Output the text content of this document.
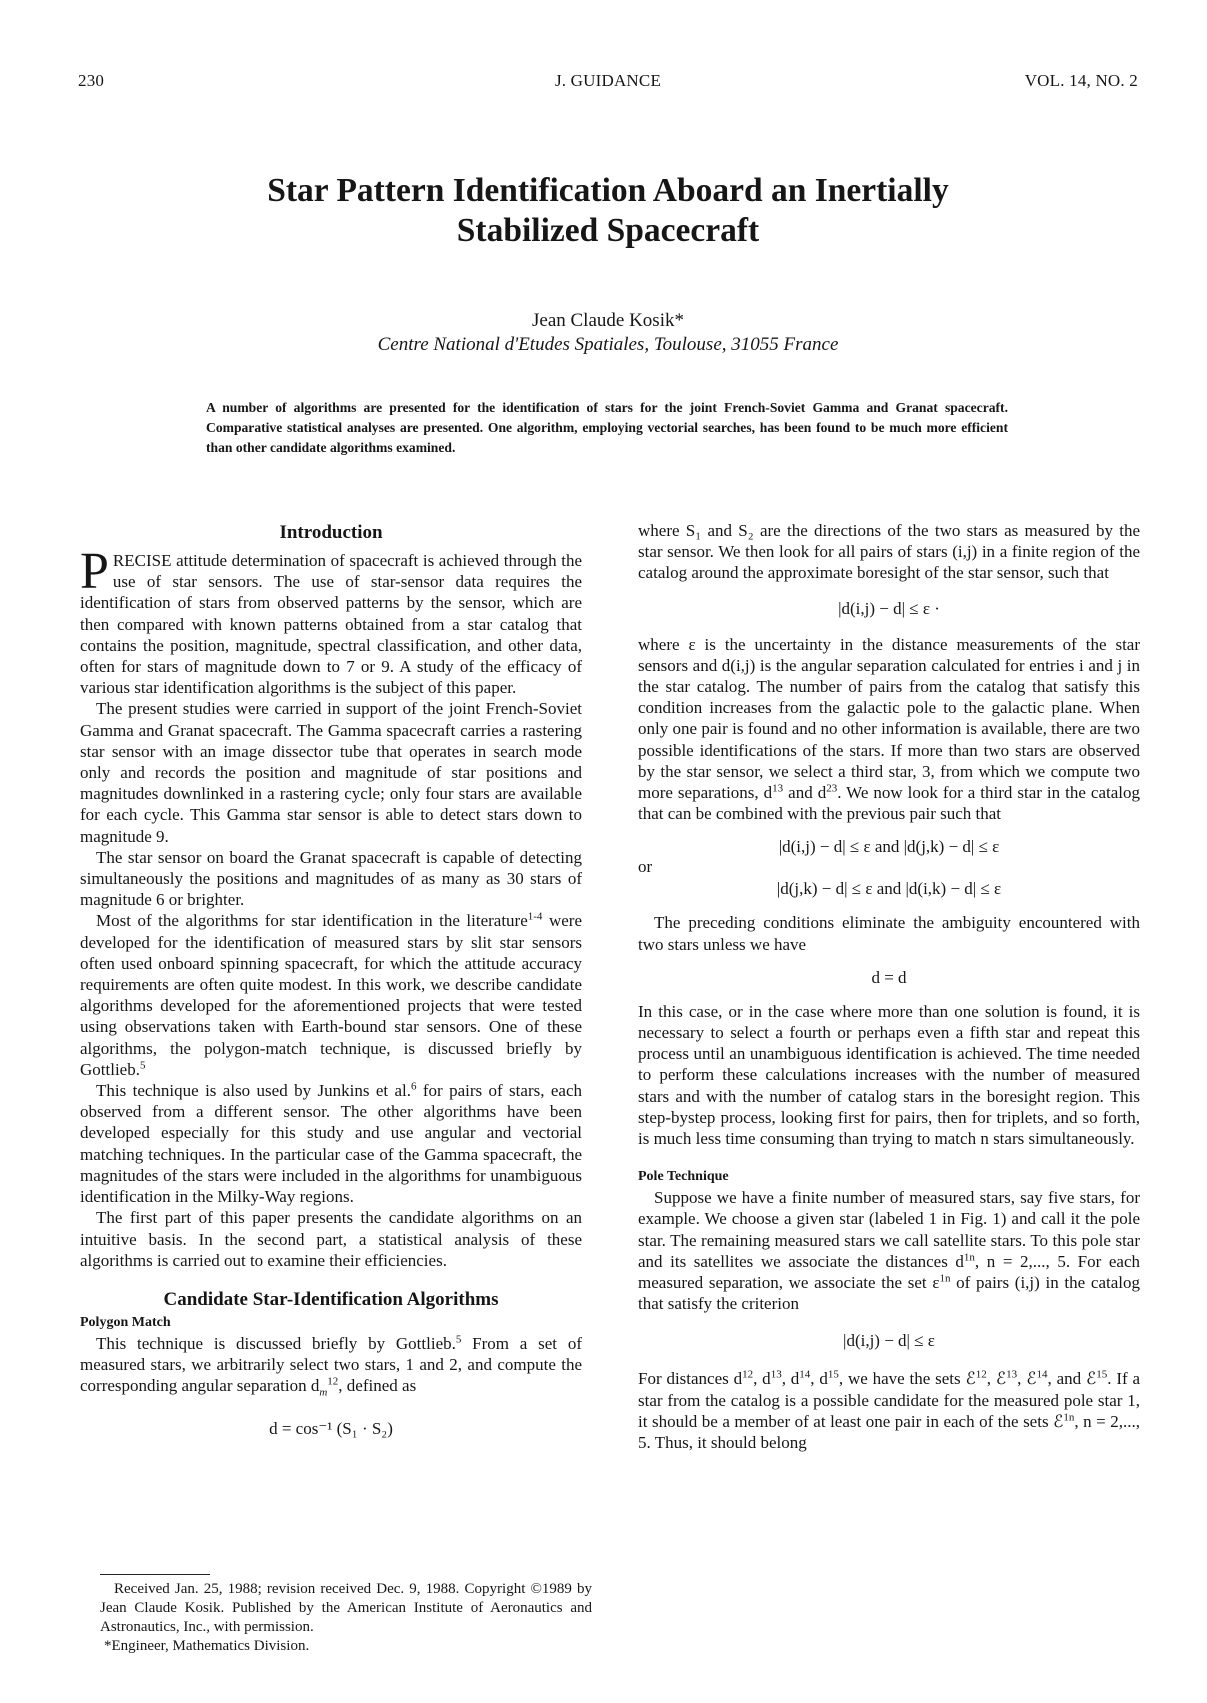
230	J. GUIDANCE	VOL. 14, NO. 2
Star Pattern Identification Aboard an Inertially
Stabilized Spacecraft
Jean Claude Kosik*
Centre National d'Etudes Spatiales, Toulouse, 31055 France
A number of algorithms are presented for the identification of stars for the joint French-Soviet Gamma and Granat spacecraft. Comparative statistical analyses are presented. One algorithm, employing vectorial searches, has been found to be much more efficient than other candidate algorithms examined.
Introduction

PRECISE attitude determination of spacecraft is achieved through the use of star sensors. The use of star-sensor data requires the identification of stars from observed patterns by the sensor, which are then compared with known patterns obtained from a star catalog that contains the position, magnitude, spectral classification, and other data, often for stars of magnitude down to 7 or 9. A study of the efficacy of various star identification algorithms is the subject of this paper.

The present studies were carried in support of the joint French-Soviet Gamma and Granat spacecraft. The Gamma spacecraft carries a rastering star sensor with an image dissector tube that operates in search mode only and records the position and magnitude of star positions and magnitudes downlinked in a rastering cycle; only four stars are available for each cycle. This Gamma star sensor is able to detect stars down to magnitude 9.

The star sensor on board the Granat spacecraft is capable of detecting simultaneously the positions and magnitudes of as many as 30 stars of magnitude 6 or brighter.

Most of the algorithms for star identification in the literature$^{1-4}$ were developed for the identification of measured stars by slit star sensors often used onboard spinning spacecraft, for which the attitude accuracy requirements are often quite modest. In this work, we describe candidate algorithms developed for the aforementioned projects that were tested using observations taken with Earth-bound star sensors. One of these algorithms, the polygon-match technique, is discussed briefly by Gottlieb.$^5$

This technique is also used by Junkins et al.$^6$ for pairs of stars, each observed from a different sensor. The other algorithms have been developed especially for this study and use angular and vectorial matching techniques. In the particular case of the Gamma spacecraft, the magnitudes of the stars were included in the algorithms for unambiguous identification in the Milky-Way regions.

The first part of this paper presents the candidate algorithms on an intuitive basis. In the second part, a statistical analysis of these algorithms is carried out to examine their efficiencies.

Candidate Star-Identification Algorithms
Polygon Match

This technique is discussed briefly by Gottlieb.$^5$ From a set of measured stars, we arbitrarily select two stars, 1 and 2, and compute the corresponding angular separation $d_m^{12}$, defined as

d = cos⁻¹ (S₁ · S₂)

where S₁ and S₂ are the directions of the two stars as measured by the star sensor. We then look for all pairs of stars (i,j) in a finite region of the catalog around the approximate boresight of the star sensor, such that

|d(i,j) − d| ≤ ε ·

where ε is the uncertainty in the distance measurements of the star sensors and d(i,j) is the angular separation calculated for entries i and j in the star catalog. The number of pairs from the catalog that satisfy this condition increases from the galactic pole to the galactic plane. When only one pair is found and no other information is available, there are two possible identifications of the stars. If more than two stars are observed by the star sensor, we select a third star, 3, from which we compute two more separations, $d^{13}$ and $d^{23}$. We now look for a third star in the catalog that can be combined with the previous pair such that

|d(i,j) − d| ≤ ε and |d(j,k) − d| ≤ ε
or

|d(j,k) − d| ≤ ε and |d(i,k) − d| ≤ ε

The preceding conditions eliminate the ambiguity encountered with two stars unless we have

d = d

In this case, or in the case where more than one solution is found, it is necessary to select a fourth or perhaps even a fifth star and repeat this process until an unambiguous identification is achieved. The time needed to perform these calculations increases with the number of measured stars and with the number of catalog stars in the boresight region. This step-bystep process, looking first for pairs, then for triplets, and so forth, is much less time consuming than trying to match n stars simultaneously.

Pole Technique

Suppose we have a finite number of measured stars, say five stars, for example. We choose a given star (labeled 1 in Fig. 1) and call it the pole star. The remaining measured stars we call satellite stars. To this pole star and its satellites we associate the distances $d^{1n}$, n = 2,..., 5. For each measured separation, we associate the set $\varepsilon^{1n}$ of pairs (i,j) in the catalog that satisfy the criterion

|d(i,j) − d| ≤ ε

For distances $d^{12}$, $d^{13}$, $d^{14}$, $d^{15}$, we have the sets ℰ$^{12}$, ℰ$^{13}$, ℰ$^{14}$, and ℰ$^{15}$. If a star from the catalog is a possible candidate for the measured pole star 1, it should be a member of at least one pair in each of the sets ℰ$^{1n}$, n = 2,..., 5. Thus, it should belong

Received Jan. 25, 1988; revision received Dec. 9, 1988. Copyright ©1989 by Jean Claude Kosik. Published by the American Institute of Aeronautics and Astronautics, Inc., with permission.
*Engineer, Mathematics Division.
